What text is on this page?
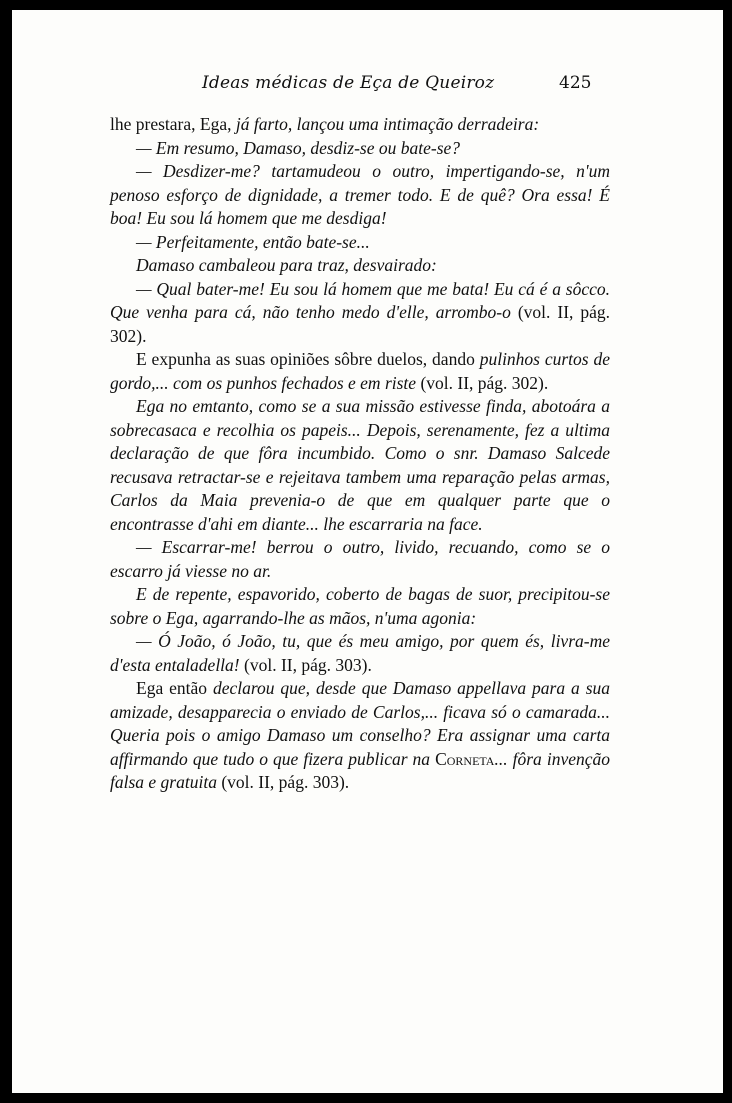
Ideas médicas de Eça de Queiroz	425

lhe prestara, Ega, já farto, lançou uma intimação derradeira:

— Em resumo, Damaso, desdiz-se ou bate-se?

— Desdizer-me? tartamudeou o outro, impertigando-se, n'um penoso esforço de dignidade, a tremer todo. E de quê? Ora essa! É boa! Eu sou lá homem que me desdiga!

— Perfeitamente, então bate-se...

Damaso cambaleou para traz, desvairado:

— Qual bater-me! Eu sou lá homem que me bata! Eu cá é a sôcco. Que venha para cá, não tenho medo d'elle, arrombo-o (vol. II, pág. 302).

E expunha as suas opiniões sôbre duelos, dando pulinhos curtos de gordo,... com os punhos fechados e em riste (vol. II, pág. 302).

Ega no emtanto, como se a sua missão estivesse finda, abotoára a sobrecasaca e recolhia os papeis... Depois, serenamente, fez a ultima declaração de que fôra incumbido. Como o snr. Damaso Salcede recusava retractar-se e rejeitava tambem uma reparação pelas armas, Carlos da Maia prevenia-o de que em qualquer parte que o encontrasse d'ahi em diante... lhe escarraria na face.

— Escarrar-me! berrou o outro, livido, recuando, como se o escarro já viesse no ar.

E de repente, espavorido, coberto de bagas de suor, precipitou-se sobre o Ega, agarrando-lhe as mãos, n'uma agonia:

— Ó João, ó João, tu, que és meu amigo, por quem és, livra-me d'esta entaladella! (vol. II, pág. 303).

Ega então declarou que, desde que Damaso appellava para a sua amizade, desapparecia o enviado de Carlos,... ficava só o camarada... Queria pois o amigo Damaso um conselho? Era assignar uma carta affirmando que tudo o que fizera publicar na Corneta... fôra invenção falsa e gratuita (vol. II, pág. 303).
